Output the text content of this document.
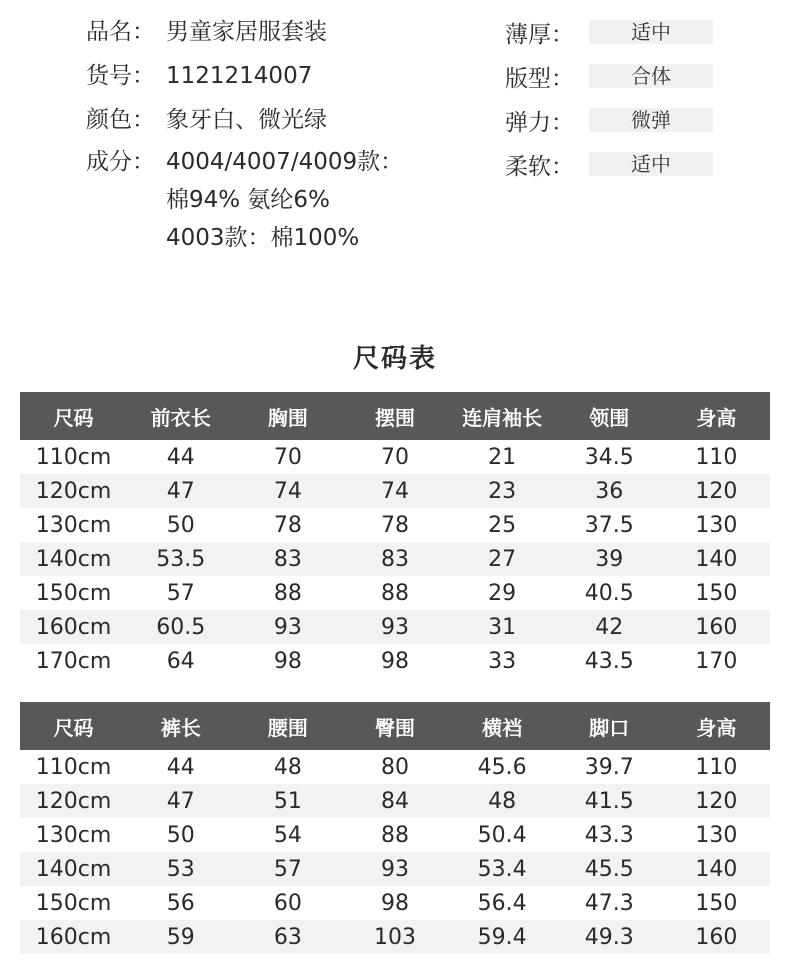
品名： 男童家居服套装
货号： 1121214007
颜色： 象牙白、微光绿
成分： 4004/4007/4009款：
棉94% 氨纶6%
4003款：棉100%
薄厚：	适中
版型：	合体
弹力：	微弹
柔软：	适中
尺码表
尺码	前衣长	胸围	摆围	连肩袖长	领围	身高
110cm	44	70	70	21	34.5	110
120cm	47	74	74	23	36	120
130cm	50	78	78	25	37.5	130
140cm	53.5	83	83	27	39	140
150cm	57	88	88	29	40.5	150
160cm	60.5	93	93	31	42	160
170cm	64	98	98	33	43.5	170
尺码	裤长	腰围	臀围	横裆	脚口	身高
110cm	44	48	80	45.6	39.7	110
120cm	47	51	84	48	41.5	120
130cm	50	54	88	50.4	43.3	130
140cm	53	57	93	53.4	45.5	140
150cm	56	60	98	56.4	47.3	150
160cm	59	63	103	59.4	49.3	160
